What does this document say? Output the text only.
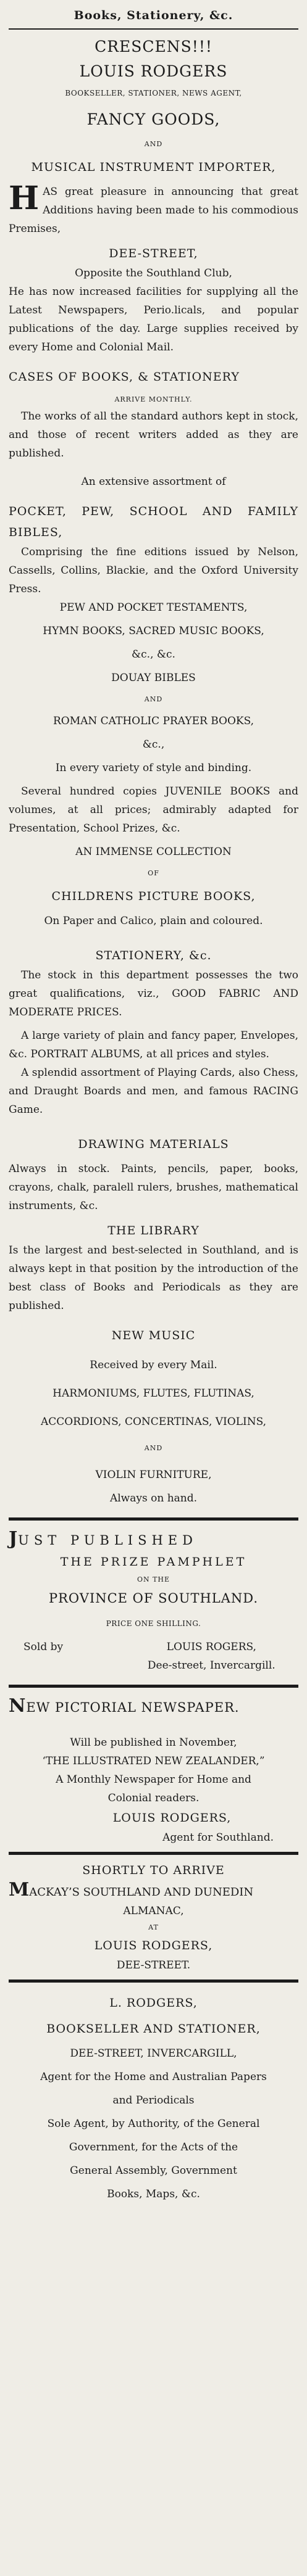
Books, Stationery, &c.
CRESCENS!!!
LOUIS RODGERS
BOOKSELLER, STATIONER, NEWS AGENT,
FANCY GOODS,
AND
MUSICAL INSTRUMENT IMPORTER,

HAS great pleasure in announcing that great Additions having been made to his commodious Premises,

DEE-STREET,
Opposite the Southland Club,

He has now increased facilities for supplying all the Latest Newspapers, Perio.licals, and popular publications of the day. Large supplies received by every Home and Colonial Mail.

CASES OF BOOKS, & STATIONERY
ARRIVE MONTHLY.

The works of all the standard authors kept in stock, and those of recent writers added as they are published.

An extensive assortment of

POCKET, PEW, SCHOOL AND FAMILY BIBLES,

Comprising the fine editions issued by Nelson, Cassells, Collins, Blackie, and the Oxford University Press.

PEW AND POCKET TESTAMENTS,
HYMN BOOKS, SACRED MUSIC BOOKS,
&c., &c.
DOUAY BIBLES
AND
ROMAN CATHOLIC PRAYER BOOKS,
&c.,
In every variety of style and binding.

Several hundred copies JUVENILE BOOKS and volumes, at all prices; admirably adapted for Presentation, School Prizes, &c.

AN IMMENSE COLLECTION
OF
CHILDRENS PICTURE BOOKS,
On Paper and Calico, plain and coloured.
STATIONERY, &c.

The stock in this department possesses the two great qualifications, viz., GOOD FABRIC AND MODERATE PRICES.

A large variety of plain and fancy paper, Envelopes, &c. PORTRAIT ALBUMS, at all prices and styles.

A splendid assortment of Playing Cards, also Chess, and Draught Boards and men, and famous RACING Game.

DRAWING MATERIALS

Always in stock. Paints, pencils, paper, books, crayons, chalk, paralell rulers, brushes, mathematical instruments, &c.

THE LIBRARY

Is the largest and best-selected in Southland, and is always kept in that position by the introduction of the best class of Books and Periodicals as they are published.

NEW MUSIC
Received by every Mail.
HARMONIUMS, FLUTES, FLUTINAS,
ACCORDIONS, CONCERTINAS, VIOLINS,
AND
VIOLIN FURNITURE,
Always on hand.
JUST PUBLISHED
THE PRIZE PAMPHLET
ON THE
PROVINCE OF SOUTHLAND.
PRICE ONE SHILLING.
Sold by	LOUIS ROGERS,
Dee-street, Invercargill.
NEW PICTORIAL NEWSPAPER.
Will be published in November,
‘THE ILLUSTRATED NEW ZEALANDER,”
A Monthly Newspaper for Home and
Colonial readers.
LOUIS RODGERS,
Agent for Southland.
SHORTLY TO ARRIVE
MACKAY’S SOUTHLAND AND DUNEDIN
ALMANAC,
AT
LOUIS RODGERS,
DEE-STREET.
L. RODGERS,
BOOKSELLER AND STATIONER,
DEE-STREET, INVERCARGILL,
Agent for the Home and Australian Papers
and Periodicals
Sole Agent, by Authority, of the General
Government, for the Acts of the
General Assembly, Government
Books, Maps, &c.
